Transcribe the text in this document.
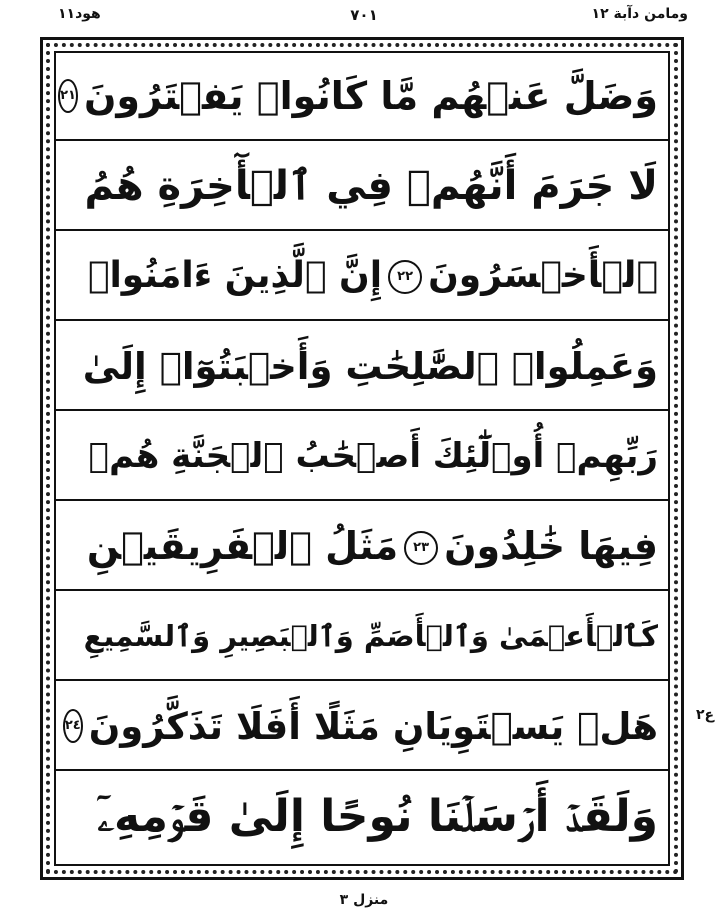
هود١١	٧٠١	ومامن دآبة ١٢
وَضَلَّ عَنۡهُم مَّا كَانُوا۟ يَفۡتَرُونَ
٢١
لَا جَرَمَ أَنَّهُمۡ فِي ٱلۡأٓخِرَةِ هُمُ
ٱلۡأَخۡسَرُونَ٢٢إِنَّ ٱلَّذِينَ ءَامَنُوا۟
وَعَمِلُوا۟ ٱلصَّٰلِحَٰتِ وَأَخۡبَتُوٓا۟ إِلَىٰ
رَبِّهِمۡ أُو۟لَٰٓئِكَ أَصۡحَٰبُ ٱلۡجَنَّةِ هُمۡ
فِيهَا خَٰلِدُونَ٢٣مَثَلُ ٱلۡفَرِيقَيۡنِ
كَٱلۡأَعۡمَىٰ وَٱلۡأَصَمِّ وَٱلۡبَصِيرِ وَٱلسَّمِيعِ
هَلۡ يَسۡتَوِيَانِ مَثَلًا أَفَلَا تَذَكَّرُونَ
٢٤
وَلَقَدۡ أَرۡسَلۡنَا نُوحًا إِلَىٰ قَوۡمِهِۦٓ
ع٢
منزل ٣
